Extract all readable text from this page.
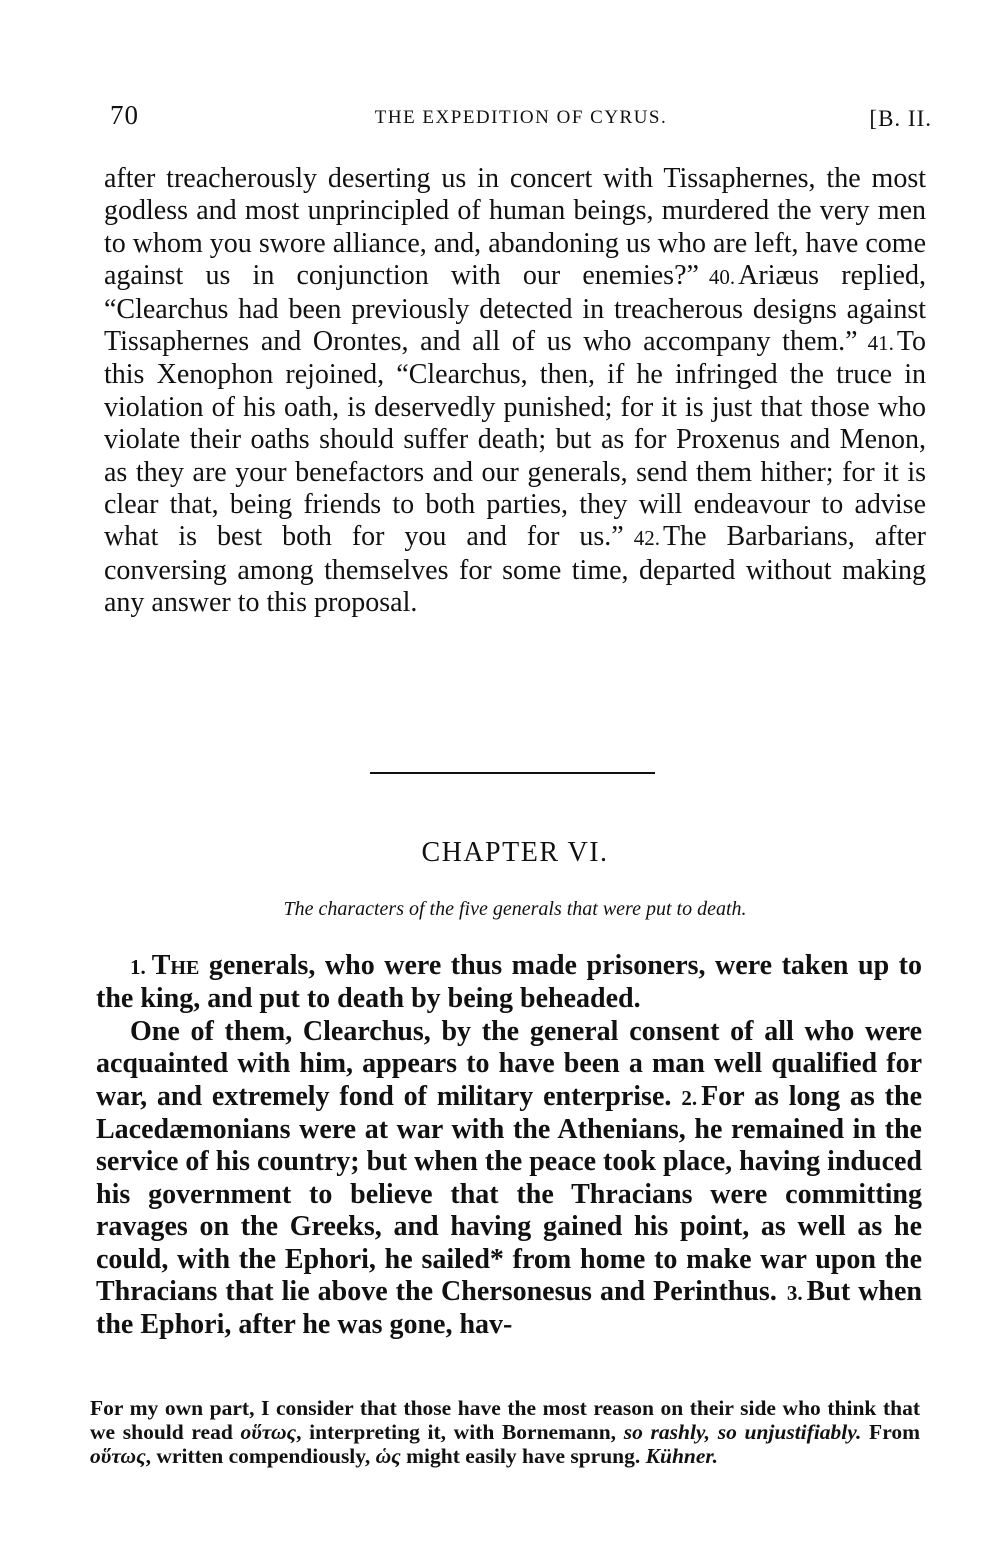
70	THE EXPEDITION OF CYRUS.	[B. II.

after treacherously deserting us in concert with Tissaphernes, the most godless and most unprincipled of human beings, murdered the very men to whom you swore alliance, and, abandoning us who are left, have come against us in conjunction with our enemies?” 40. Ariæus replied, “Clearchus had been previously detected in treacherous designs against Tissaphernes and Orontes, and all of us who accompany them.” 41. To this Xenophon rejoined, “Clearchus, then, if he infringed the truce in violation of his oath, is deservedly punished; for it is just that those who violate their oaths should suffer death; but as for Proxenus and Menon, as they are your benefactors and our generals, send them hither; for it is clear that, being friends to both parties, they will endeavour to advise what is best both for you and for us.” 42. The Barbarians, after conversing among themselves for some time, departed without making any answer to this proposal.

CHAPTER VI.

The characters of the five generals that were put to death.

1. The generals, who were thus made prisoners, were taken up to the king, and put to death by being beheaded.

One of them, Clearchus, by the general consent of all who were acquainted with him, appears to have been a man well qualified for war, and extremely fond of military enterprise. 2. For as long as the Lacedæmonians were at war with the Athenians, he remained in the service of his country; but when the peace took place, having induced his government to believe that the Thracians were committing ravages on the Greeks, and having gained his point, as well as he could, with the Ephori, he sailed* from home to make war upon the Thracians that lie above the Chersonesus and Perinthus. 3. But when the Ephori, after he was gone, hav-

For my own part, I consider that those have the most reason on their side who think that we should read οὕτως, interpreting it, with Bornemann, so rashly, so unjustifiably. From οὕτως, written compendiously, ὡς might easily have sprung. Kühner.
